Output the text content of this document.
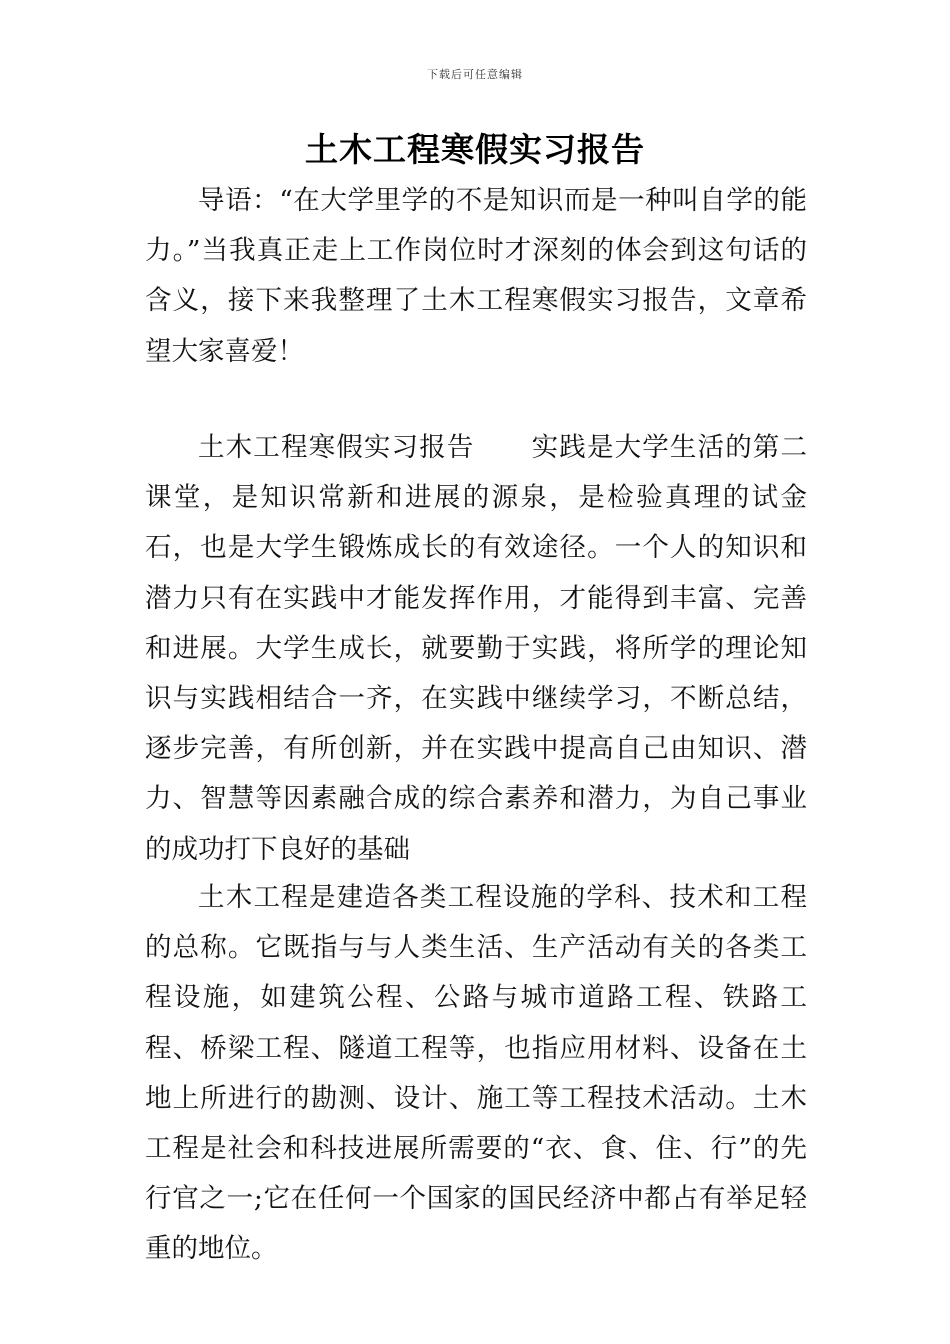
下载后可任意编辑
土木工程寒假实习报告

导语：“在大学里学的不是知识而是一种叫自学的能力。”当我真正走上工作岗位时才深刻的体会到这句话的含义，接下来我整理了土木工程寒假实习报告，文章希望大家喜爱！

土木工程寒假实习报告 实践是大学生活的第二课堂，是知识常新和进展的源泉，是检验真理的试金石，也是大学生锻炼成长的有效途径。一个人的知识和潜力只有在实践中才能发挥作用，才能得到丰富、完善和进展。大学生成长，就要勤于实践，将所学的理论知识与实践相结合一齐，在实践中继续学习，不断总结，逐步完善，有所创新，并在实践中提高自己由知识、潜力、智慧等因素融合成的综合素养和潜力，为自己事业的成功打下良好的基础

土木工程是建造各类工程设施的学科、技术和工程的总称。它既指与与人类生活、生产活动有关的各类工程设施，如建筑公程、公路与城市道路工程、铁路工程、桥梁工程、隧道工程等，也指应用材料、设备在土地上所进行的勘测、设计、施工等工程技术活动。土木工程是社会和科技进展所需要的“衣、食、住、行”的先行官之一;它在任何一个国家的国民经济中都占有举足轻重的地位。
